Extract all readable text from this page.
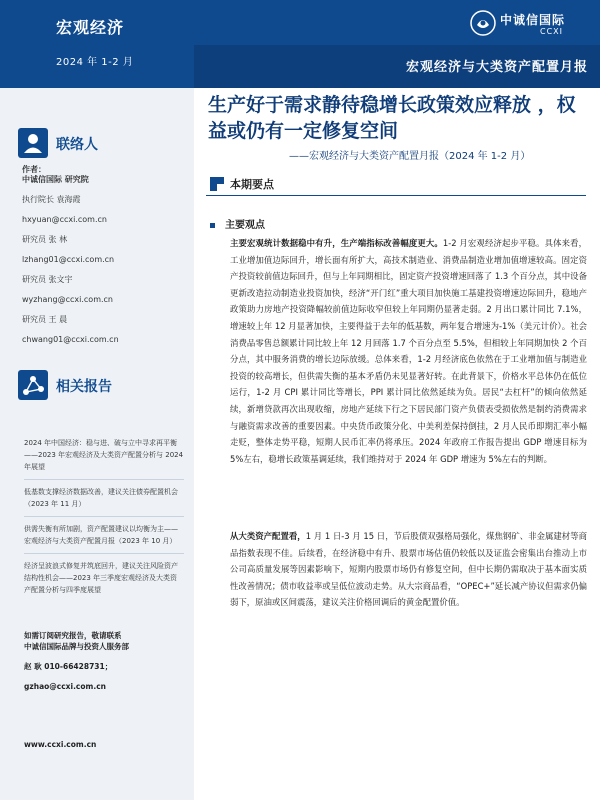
宏观经济
2024 年 1-2 月
中诚信国际
CCXI
宏观经济与大类资产配置月报
联络人
作者：
中诚信国际 研究院
执行院长 袁海霞
hxyuan@ccxi.com.cn
研究员 张 林
lzhang01@ccxi.com.cn
研究员 张文宇
wyzhang@ccxi.com.cn
研究员 王 晨
chwang01@ccxi.com.cn
相关报告
2024 年中国经济：稳与进、破与立中寻求再平衡——2023 年宏观经济及大类资产配置分析与 2024 年展望
低基数支撑经济数据改善，建议关注债券配置机会（2023 年 11 月）
供需失衡有所加剧，资产配置建议以均衡为主——宏观经济与大类资产配置月报（2023 年 10 月）
经济呈波浪式修复并筑底回升，建议关注风险资产结构性机会——2023 年三季度宏观经济及大类资产配置分析与四季度展望
如需订阅研究报告，敬请联系
中诚信国际品牌与投资人服务部
赵 耿 010-66428731；
gzhao@ccxi.com.cn
www.ccxi.com.cn
生产好于需求静待稳增长政策效应释放 ，权益或仍有一定修复空间
——宏观经济与大类资产配置月报（2024 年 1-2 月）
本期要点
主要观点
主要宏观统计数据稳中有升，生产端指标改善幅度更大。1-2 月宏观经济起步平稳。具体来看，工业增加值边际回升，增长面有所扩大，高技术制造业、消费品制造业增加值增速较高。固定资产投资较前值边际回升，但与上年同期相比，固定资产投资增速回落了 1.3 个百分点，其中设备更新改造拉动制造业投资加快，经济“开门红”重大项目加快施工基建投资增速边际回升，稳地产政策助力房地产投资降幅较前值边际收窄但较上年同期仍显著走弱。2 月出口累计同比 7.1%，增速较上年 12 月显著加快，主要得益于去年的低基数，两年复合增速为-1%（美元计价）。社会消费品零售总额累计同比较上年 12 月回落 1.7 个百分点至 5.5%，但相较上年同期加快 2 个百分点，其中服务消费的增长边际放缓。总体来看，1-2 月经济底色依然在于工业增加值与制造业投资的较高增长，但供需失衡的基本矛盾仍未见显著好转。在此背景下，价格水平总体仍在低位运行，1-2 月 CPI 累计同比等增长，PPI 累计同比依然延续为负。居民“去杠杆”的倾向依然延续，新增贷款再次出现收缩，房地产延续下行之下居民部门资产负债表受损依然是制约消费需求与融资需求改善的重要因素。中央货币政策分化、中美利差保持倒挂，2 月人民币即期汇率小幅走贬，整体走势平稳，短期人民币汇率仍将承压。2024 年政府工作报告提出 GDP 增速目标为 5%左右，稳增长政策基调延续，我们维持对于 2024 年 GDP 增速为 5%左右的判断。
从大类资产配置看，1 月 1 日-3 月 15 日，节后股债双强格局强化，煤焦钢矿、非金属建材等商品指数表现不佳。后续看，在经济稳中有升、股票市场估值仍较低以及证监会密集出台推动上市公司高质量发展等因素影响下，短期内股票市场仍有修复空间，但中长期仍需取决于基本面实质性改善情况；债市收益率或呈低位波动走势。从大宗商品看，“OPEC+”延长减产协议但需求仍偏弱下，原油或区间震荡，建议关注价格回调后的黄金配置价值。
